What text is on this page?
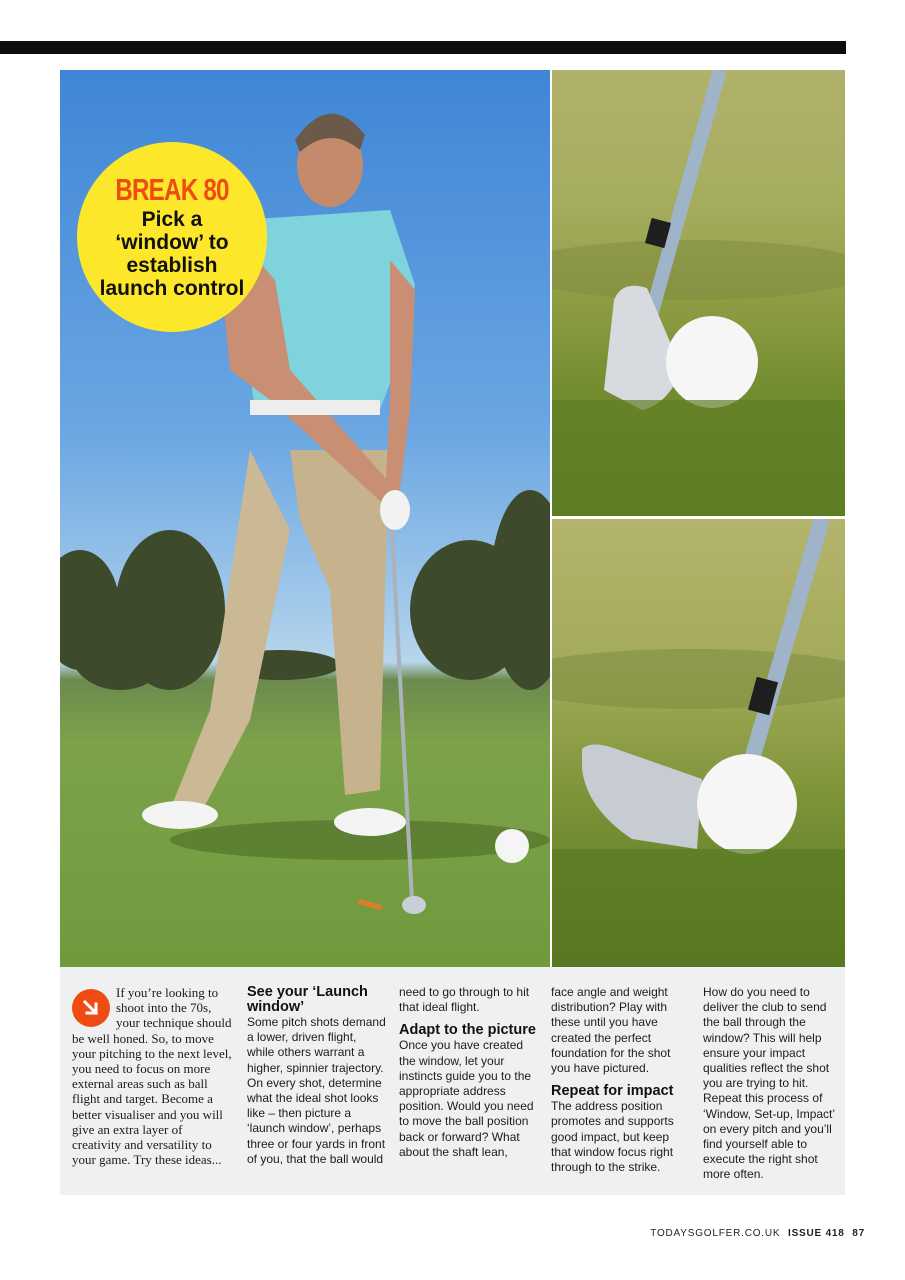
BREAK 80
Pick a ‘window’ to establish launch control

If you’re looking to shoot into the 70s, your technique should be well honed. So, to move your pitching to the next level, you need to focus on more external areas such as ball flight and target. Become a better visualiser and you will give an extra layer of creativity and versatility to your game. Try these ideas...

See your ‘Launch window’

Some pitch shots demand a lower, driven flight, while others warrant a higher, spinnier trajectory. On every shot, determine what the ideal shot looks like – then picture a ‘launch window’, perhaps three or four yards in front of you, that the ball would

need to go through to hit that ideal flight.

Adapt to the picture

Once you have created the window, let your instincts guide you to the appropriate address position. Would you need to move the ball position back or forward? What about the shaft lean,

face angle and weight distribution? Play with these until you have created the perfect foundation for the shot you have pictured.

Repeat for impact

The address position promotes and supports good impact, but keep that window focus right through to the strike.

How do you need to deliver the club to send the ball through the window? This will help ensure your impact qualities reflect the shot you are trying to hit. Repeat this process of ‘Window, Set-up, Impact’ on every pitch and you’ll find yourself able to execute the right shot more often.

TODAYSGOLFER.CO.UK ISSUE 418 87
